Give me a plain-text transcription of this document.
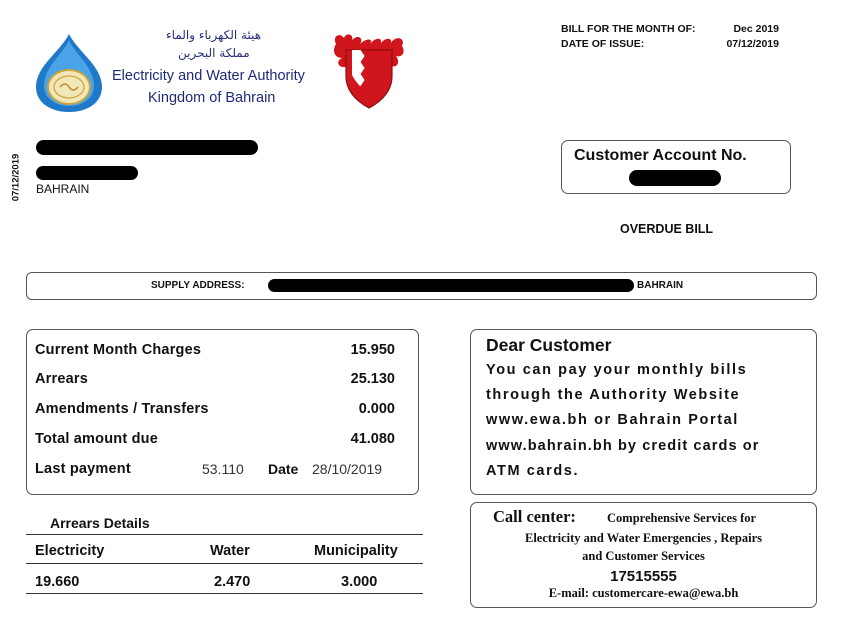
هيئة الكهرباء والماء
مملكة البحرين
Electricity and Water Authority
Kingdom of Bahrain
BILL FOR THE MONTH OF:	Dec 2019
DATE OF ISSUE:	07/12/2019
07/12/2019 BAHRAIN
Customer Account No.
OVERDUE BILL
SUPPLY ADDRESS:	BAHRAIN
Current Month Charges	15.950
Arrears	25.130
Amendments / Transfers	0.000
Total amount due	41.080
Last payment	53.110 Date 28/10/2019
Arrears Details
Electricity	Water	Municipality
19.660	2.470	3.000
Dear Customer
You can pay your monthly bills
through the Authority Website
www.ewa.bh or Bahrain Portal
www.bahrain.bh by credit cards or
ATM cards.
Call center: Comprehensive Services for
Electricity and Water Emergencies , Repairs
and Customer Services
17515555
E-mail: customercare-ewa@ewa.bh
